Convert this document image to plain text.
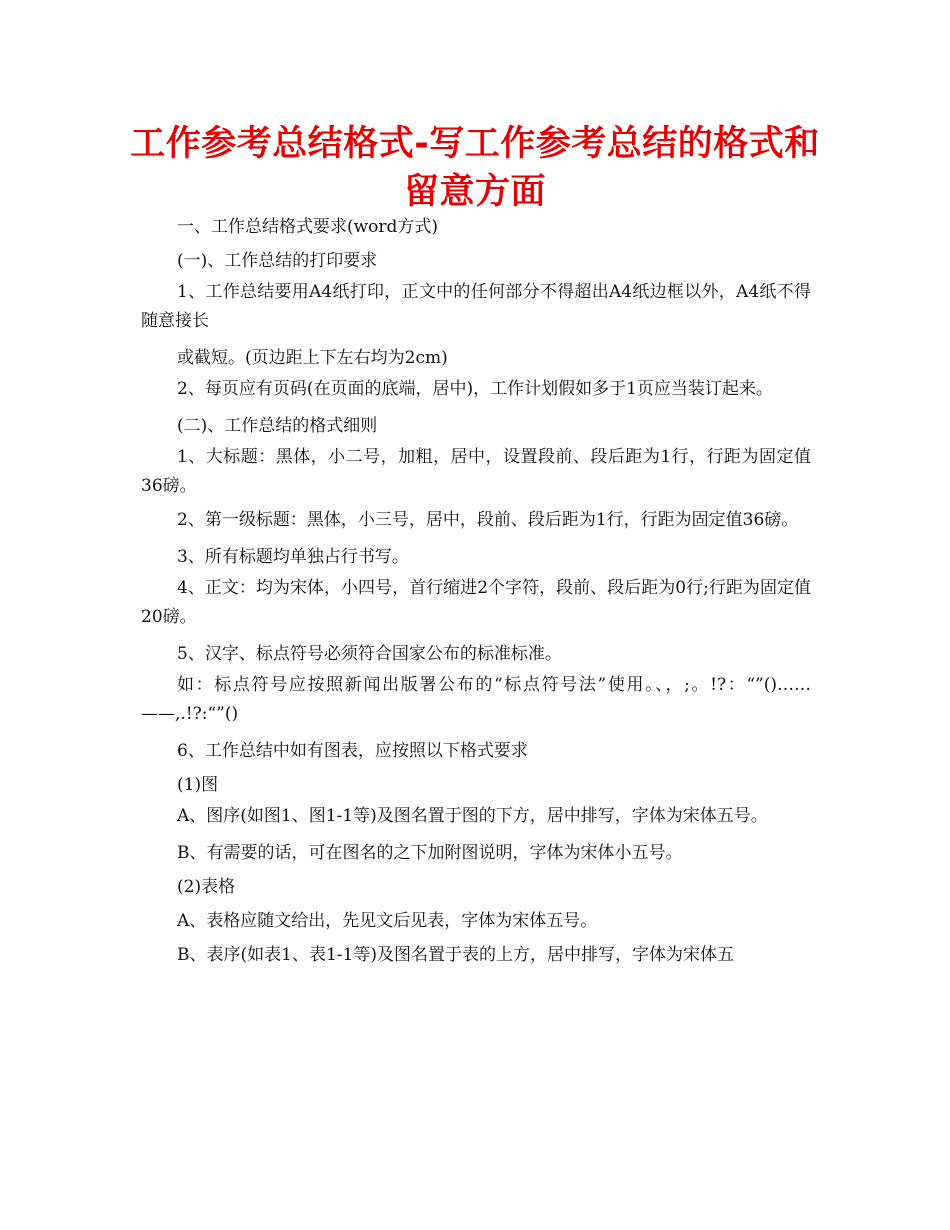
工作参考总结格式-写工作参考总结的格式和留意方面

一、工作总结格式要求(word方式)

(一)、工作总结的打印要求

1、工作总结要用A4纸打印，正文中的任何部分不得超出A4纸边框以外，A4纸不得随意接长

或截短。(页边距上下左右均为2cm)

2、每页应有页码(在页面的底端，居中)，工作计划假如多于1页应当装订起来。

(二)、工作总结的格式细则

1、大标题：黑体，小二号，加粗，居中，设置段前、段后距为1行，行距为固定值36磅。

2、第一级标题：黑体，小三号，居中，段前、段后距为1行，行距为固定值36磅。

3、所有标题均单独占行书写。

4、正文：均为宋体，小四号，首行缩进2个字符，段前、段后距为0行;行距为固定值20磅。

5、汉字、标点符号必须符合国家公布的标准标准。

如：标点符号应按照新闻出版署公布的“标点符号法”使用。、，;。!?：“”()……——,.!?:“”()

6、工作总结中如有图表，应按照以下格式要求

(1)图

A、图序(如图1、图1-1等)及图名置于图的下方，居中排写，字体为宋体五号。

B、有需要的话，可在图名的之下加附图说明，字体为宋体小五号。

(2)表格

A、表格应随文给出，先见文后见表，字体为宋体五号。

B、表序(如表1、表1-1等)及图名置于表的上方，居中排写，字体为宋体五
